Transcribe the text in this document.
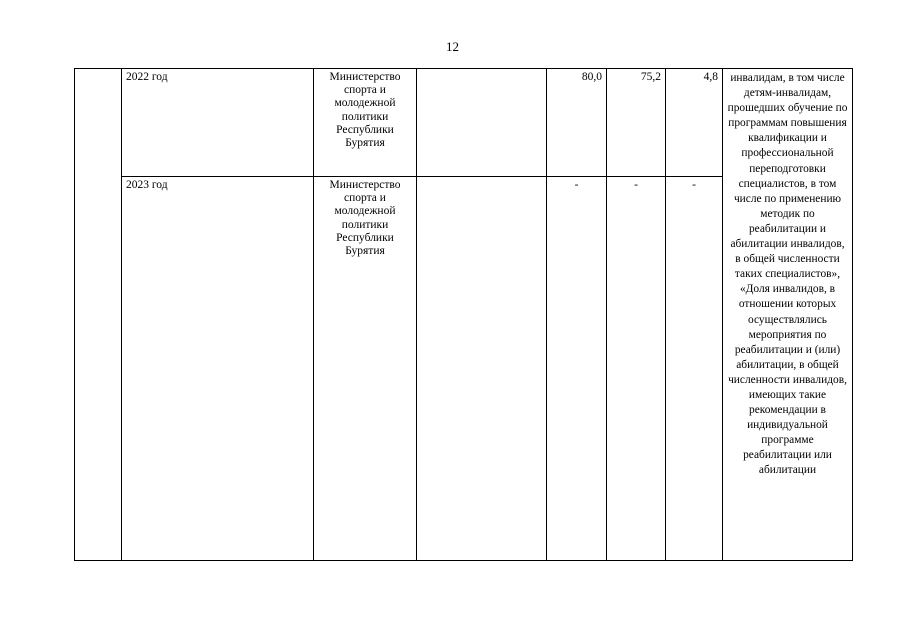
12
	2022 год	Министерство спорта и молодежной политики Республики Бурятия		80,0	75,2	4,8	инвалидам, в том числе детям-инвалидам, прошедших обучение по программам повышения квалификации и профессиональной переподготовки специалистов, в том числе по применению методик по реабилитации и абилитации инвалидов, в общей численности таких специалистов», «Доля инвалидов, в отношении которых осуществлялись мероприятия по реабилитации и (или) абилитации, в общей численности инвалидов, имеющих такие рекомендации в индивидуальной программе реабилитации или абилитации
	2023 год	Министерство спорта и молодежной политики Республики Бурятия		-	-	-	
